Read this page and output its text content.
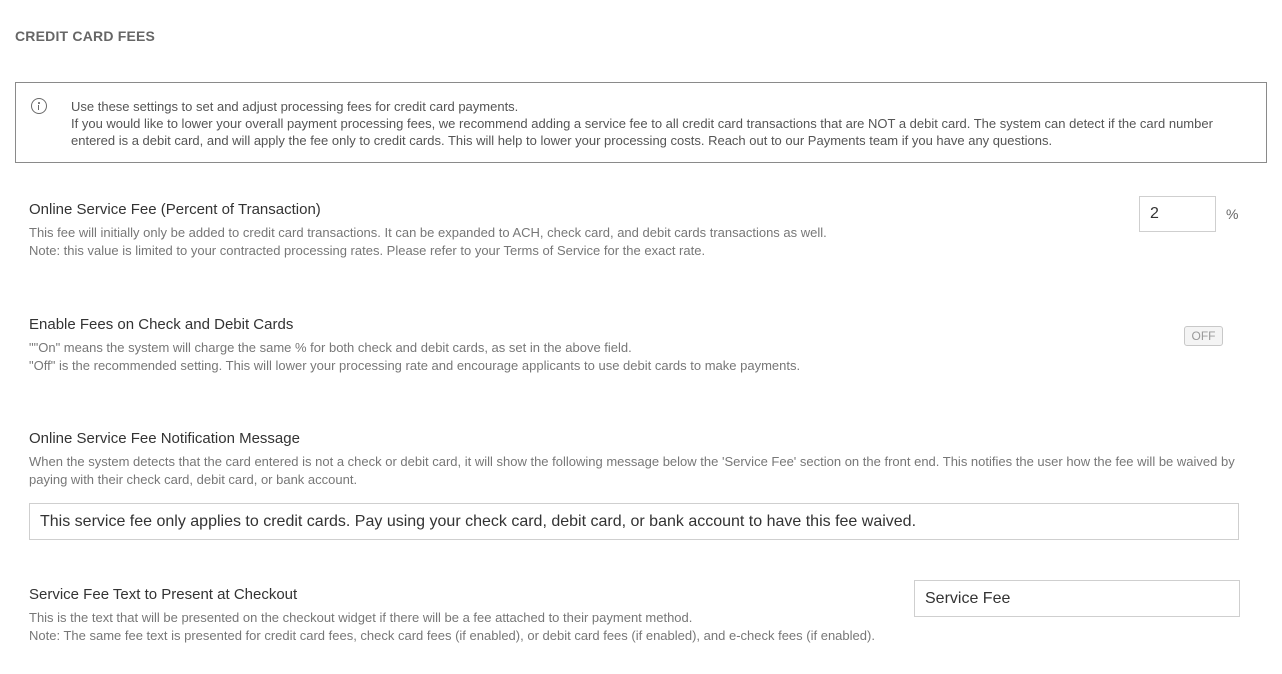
CREDIT CARD FEES
Use these settings to set and adjust processing fees for credit card payments.
If you would like to lower your overall payment processing fees, we recommend adding a service fee to all credit card transactions that are NOT a debit card. The system can detect if the card number entered is a debit card, and will apply the fee only to credit cards. This will help to lower your processing costs. Reach out to our Payments team if you have any questions.
Online Service Fee (Percent of Transaction)
This fee will initially only be added to credit card transactions. It can be expanded to ACH, check card, and debit cards transactions as well.
Note: this value is limited to your contracted processing rates. Please refer to your Terms of Service for the exact rate.
2
%
Enable Fees on Check and Debit Cards
""On" means the system will charge the same % for both check and debit cards, as set in the above field.
"Off" is the recommended setting. This will lower your processing rate and encourage applicants to use debit cards to make payments.
OFF
Online Service Fee Notification Message
When the system detects that the card entered is not a check or debit card, it will show the following message below the 'Service Fee' section on the front end. This notifies the user how the fee will be waived by paying with their check card, debit card, or bank account.
This service fee only applies to credit cards. Pay using your check card, debit card, or bank account to have this fee waived.
Service Fee Text to Present at Checkout
This is the text that will be presented on the checkout widget if there will be a fee attached to their payment method.
Note: The same fee text is presented for credit card fees, check card fees (if enabled), or debit card fees (if enabled), and e-check fees (if enabled).
Service Fee
